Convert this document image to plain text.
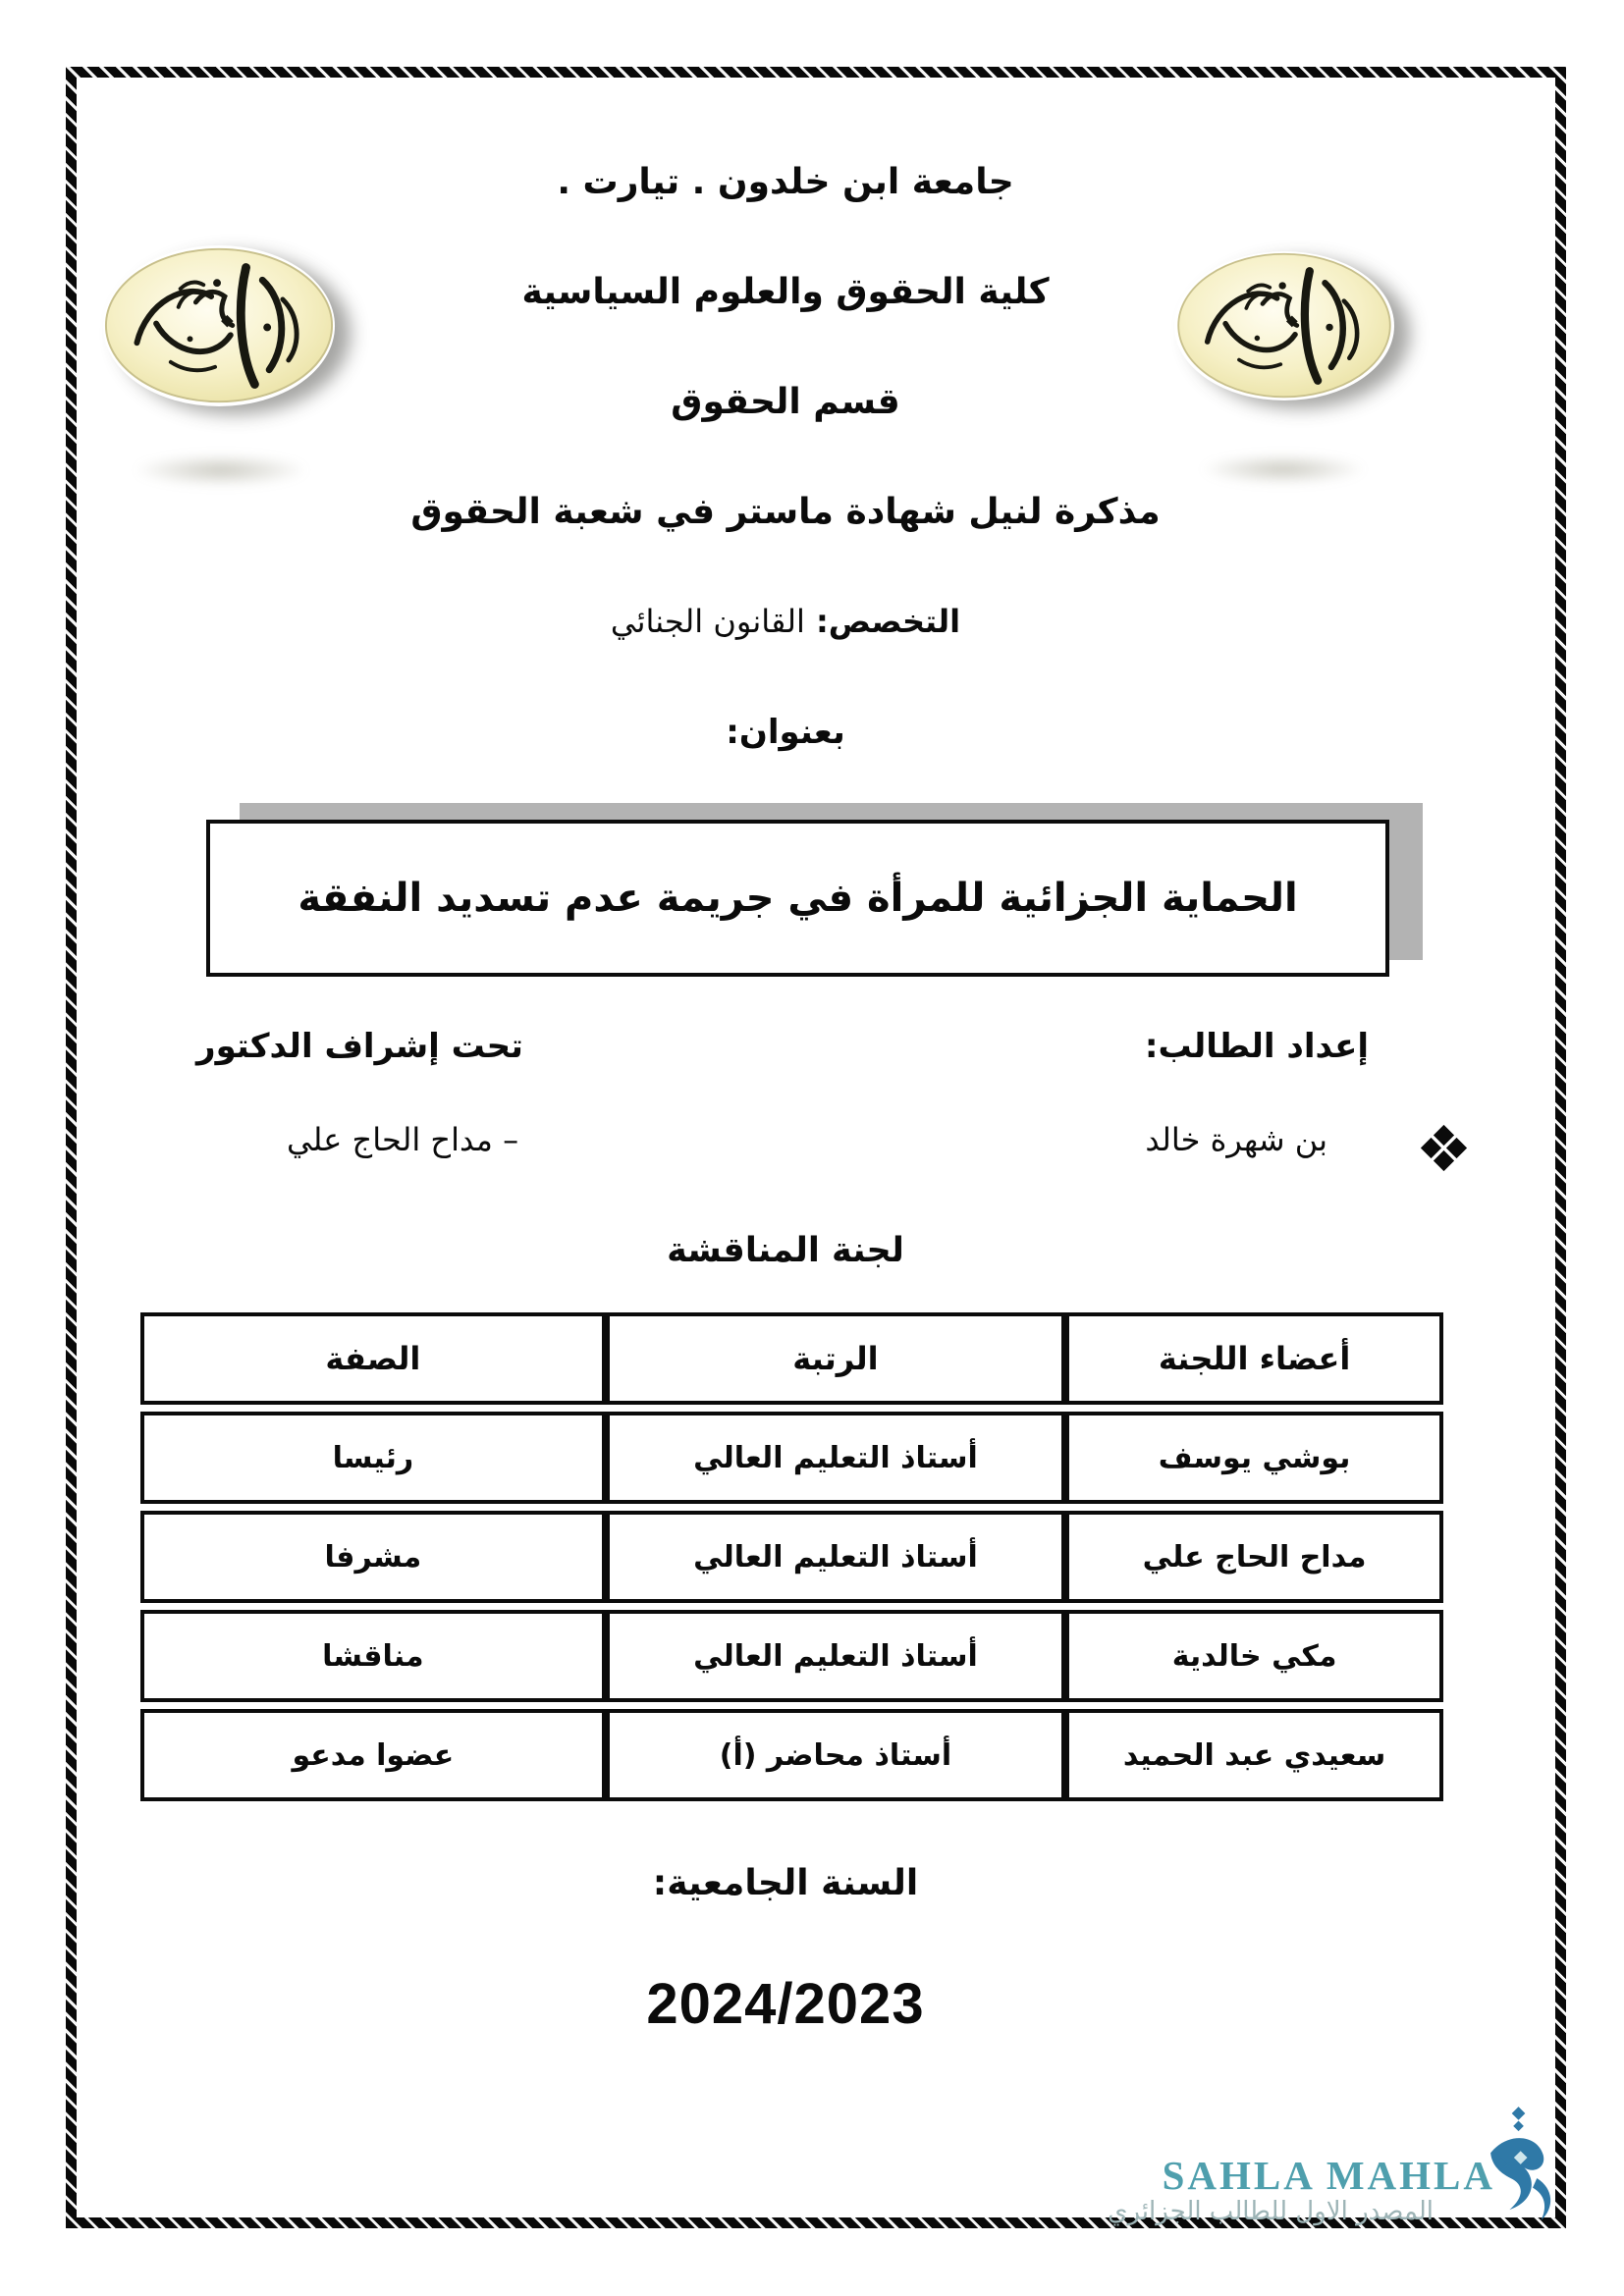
جامعة ابن خلدون . تيارت .
كلية الحقوق والعلوم السياسية
قسم الحقوق
مذكرة لنيل شهادة ماستر في شعبة الحقوق
التخصص: القانون الجنائي
بعنوان:
الحماية الجزائية للمرأة في جريمة عدم تسديد النفقة
إعداد الطالب:
تحت إشراف الدكتور
بن شهرة خالد
– مداح الحاج علي
لجنة المناقشة
أعضاء اللجنة	الرتبة	الصفة
بوشي يوسف	أستاذ التعليم العالي	رئيسا
مداح الحاج علي	أستاذ التعليم العالي	مشرفا
مكي خالدية	أستاذ التعليم العالي	مناقشا
سعيدي عبد الحميد	أستاذ محاضر (أ)	عضوا مدعو
السنة الجامعية:
2024/2023
SAHLA MAHLA
المصدر الاول للطالب الجزائري
